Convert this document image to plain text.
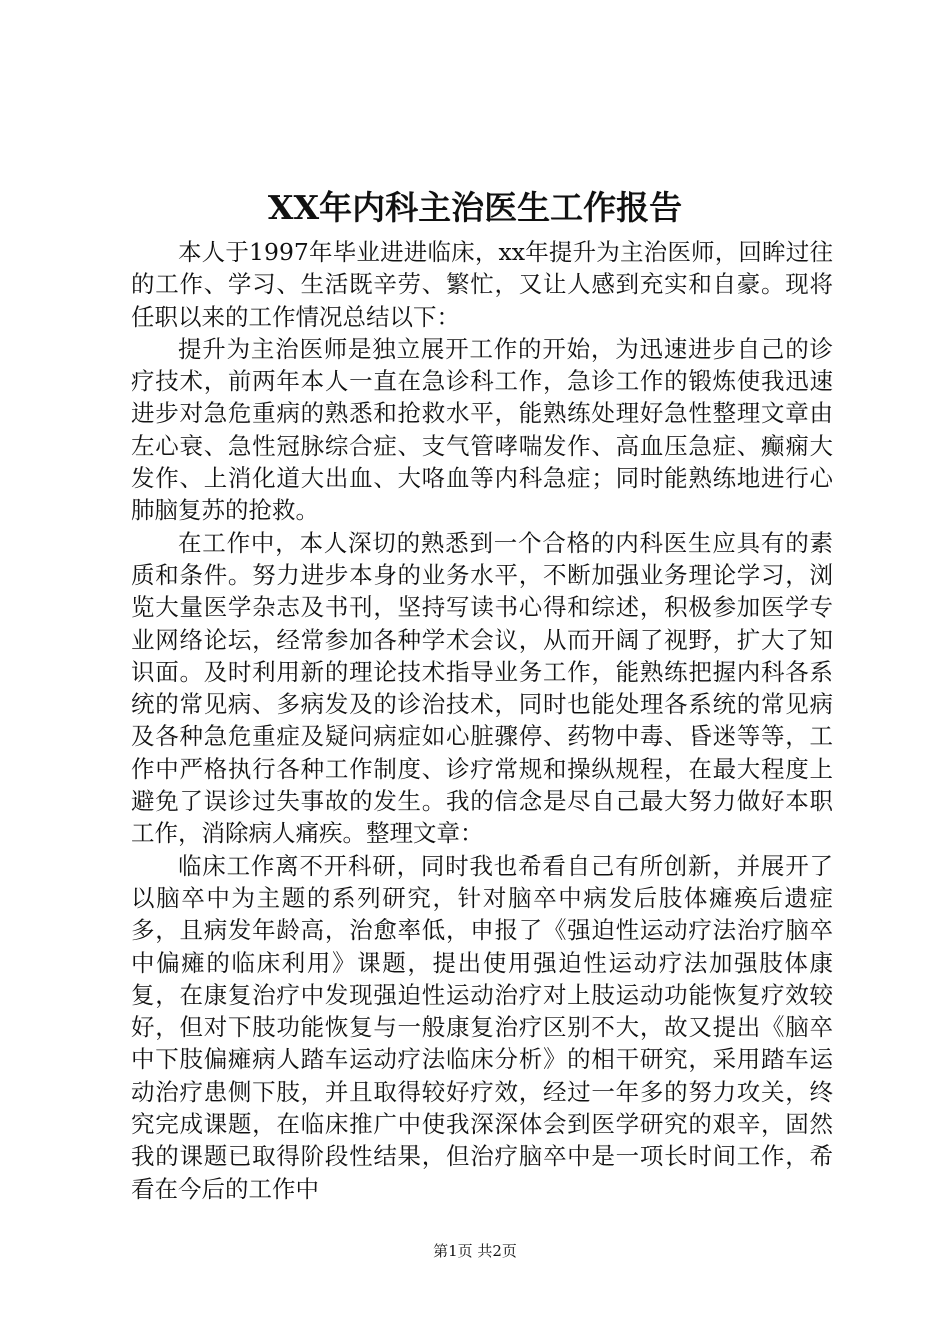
XX年内科主治医生工作报告

本人于1997年毕业进进临床，xx年提升为主治医师，回眸过往的工作、学习、生活既辛劳、繁忙，又让人感到充实和自豪。现将任职以来的工作情况总结以下：

提升为主治医师是独立展开工作的开始，为迅速进步自己的诊疗技术，前两年本人一直在急诊科工作，急诊工作的锻炼使我迅速进步对急危重病的熟悉和抢救水平，能熟练处理好急性整理文章由左心衰、急性冠脉综合症、支气管哮喘发作、高血压急症、癫痫大发作、上消化道大出血、大咯血等内科急症；同时能熟练地进行心肺脑复苏的抢救。

在工作中，本人深切的熟悉到一个合格的内科医生应具有的素质和条件。努力进步本身的业务水平，不断加强业务理论学习，浏览大量医学杂志及书刊，坚持写读书心得和综述，积极参加医学专业网络论坛，经常参加各种学术会议，从而开阔了视野，扩大了知识面。及时利用新的理论技术指导业务工作，能熟练把握内科各系统的常见病、多病发及的诊治技术，同时也能处理各系统的常见病及各种急危重症及疑问病症如心脏骤停、药物中毒、昏迷等等，工作中严格执行各种工作制度、诊疗常规和操纵规程，在最大程度上避免了误诊过失事故的发生。我的信念是尽自己最大努力做好本职工作，消除病人痛疾。整理文章：

临床工作离不开科研，同时我也希看自己有所创新，并展开了以脑卒中为主题的系列研究，针对脑卒中病发后肢体瘫痪后遗症多，且病发年龄高，治愈率低，申报了《强迫性运动疗法治疗脑卒中偏瘫的临床利用》课题，提出使用强迫性运动疗法加强肢体康复，在康复治疗中发现强迫性运动治疗对上肢运动功能恢复疗效较好，但对下肢功能恢复与一般康复治疗区别不大，故又提出《脑卒中下肢偏瘫病人踏车运动疗法临床分析》的相干研究，采用踏车运动治疗患侧下肢，并且取得较好疗效，经过一年多的努力攻关，终究完成课题，在临床推广中使我深深体会到医学研究的艰辛，固然我的课题已取得阶段性结果，但治疗脑卒中是一项长时间工作，希看在今后的工作中

第1页 共2页
